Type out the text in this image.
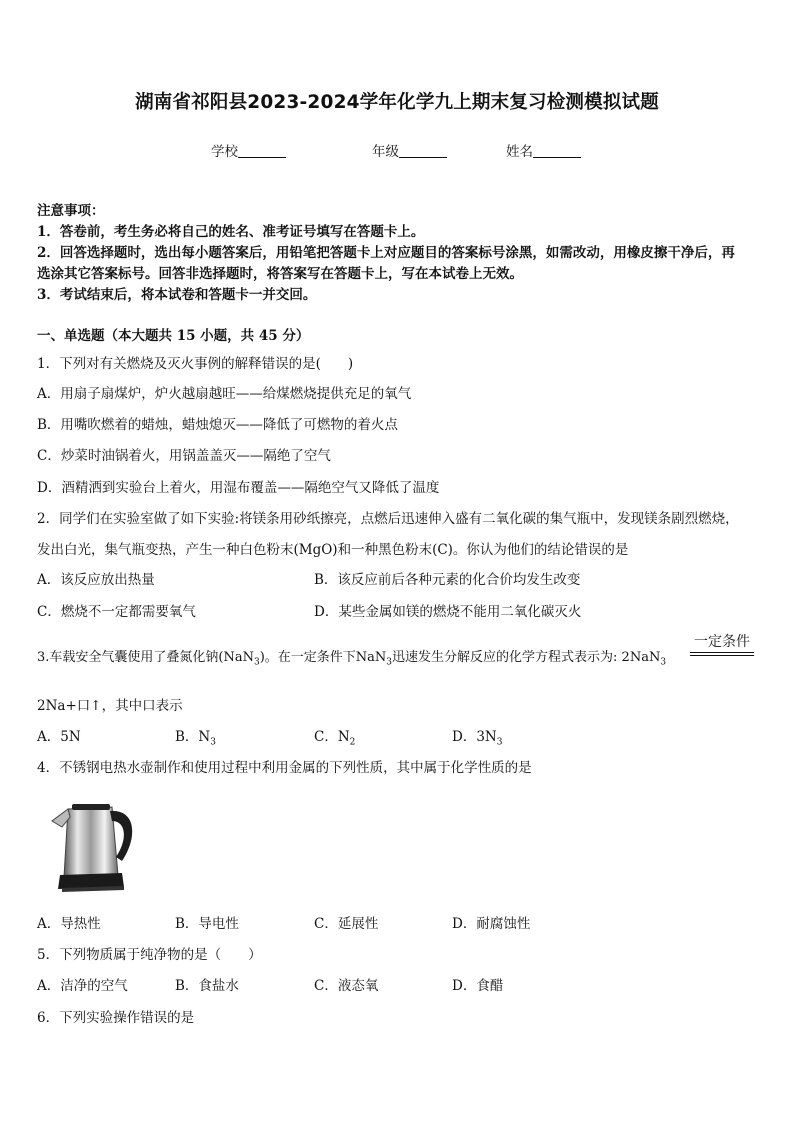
湖南省祁阳县2023-2024学年化学九上期末复习检测模拟试题
学校	年级	姓名
注意事项：
1．答卷前，考生务必将自己的姓名、准考证号填写在答题卡上。
2．回答选择题时，选出每小题答案后，用铅笔把答题卡上对应题目的答案标号涂黑，如需改动，用橡皮擦干净后，再
选涂其它答案标号。回答非选择题时，将答案写在答题卡上，写在本试卷上无效。
3．考试结束后，将本试卷和答题卡一并交回。
一、单选题（本大题共 15 小题，共 45 分）
1．下列对有关燃烧及灭火事例的解释错误的是(　　)
A．用扇子扇煤炉，炉火越扇越旺——给煤燃烧提供充足的氧气
B．用嘴吹燃着的蜡烛，蜡烛熄灭——降低了可燃物的着火点
C．炒菜时油锅着火，用锅盖盖灭——隔绝了空气
D．酒精洒到实验台上着火，用湿布覆盖——隔绝空气又降低了温度
2．同学们在实验室做了如下实验:将镁条用砂纸擦亮，点燃后迅速伸入盛有二氧化碳的集气瓶中，发现镁条剧烈燃烧，
发出白光，集气瓶变热，产生一种白色粉末(MgO)和一种黑色粉末(C)。你认为他们的结论错误的是
A．该反应放出热量	B．该反应前后各种元素的化合价均发生改变
C．燃烧不一定都需要氧气	D．某些金属如镁的燃烧不能用二氧化碳灭火
3.车载安全气囊使用了叠氮化钠(NaN$_3$)。在一定条件下NaN$_3$迅速发生分解反应的化学方程式表示为: 2NaN$_3$
一定条件
2Na+口↑，其中口表示
A．5N	B．$N_3$	C．$N_2$	D．$3N_3$
4．不锈钢电热水壶制作和使用过程中利用金属的下列性质，其中属于化学性质的是
A．导热性	B．导电性	C．延展性	D．耐腐蚀性
5．下列物质属于纯净物的是（　　）
A．洁净的空气	B．食盐水	C．液态氧	D．食醋
6．下列实验操作错误的是
